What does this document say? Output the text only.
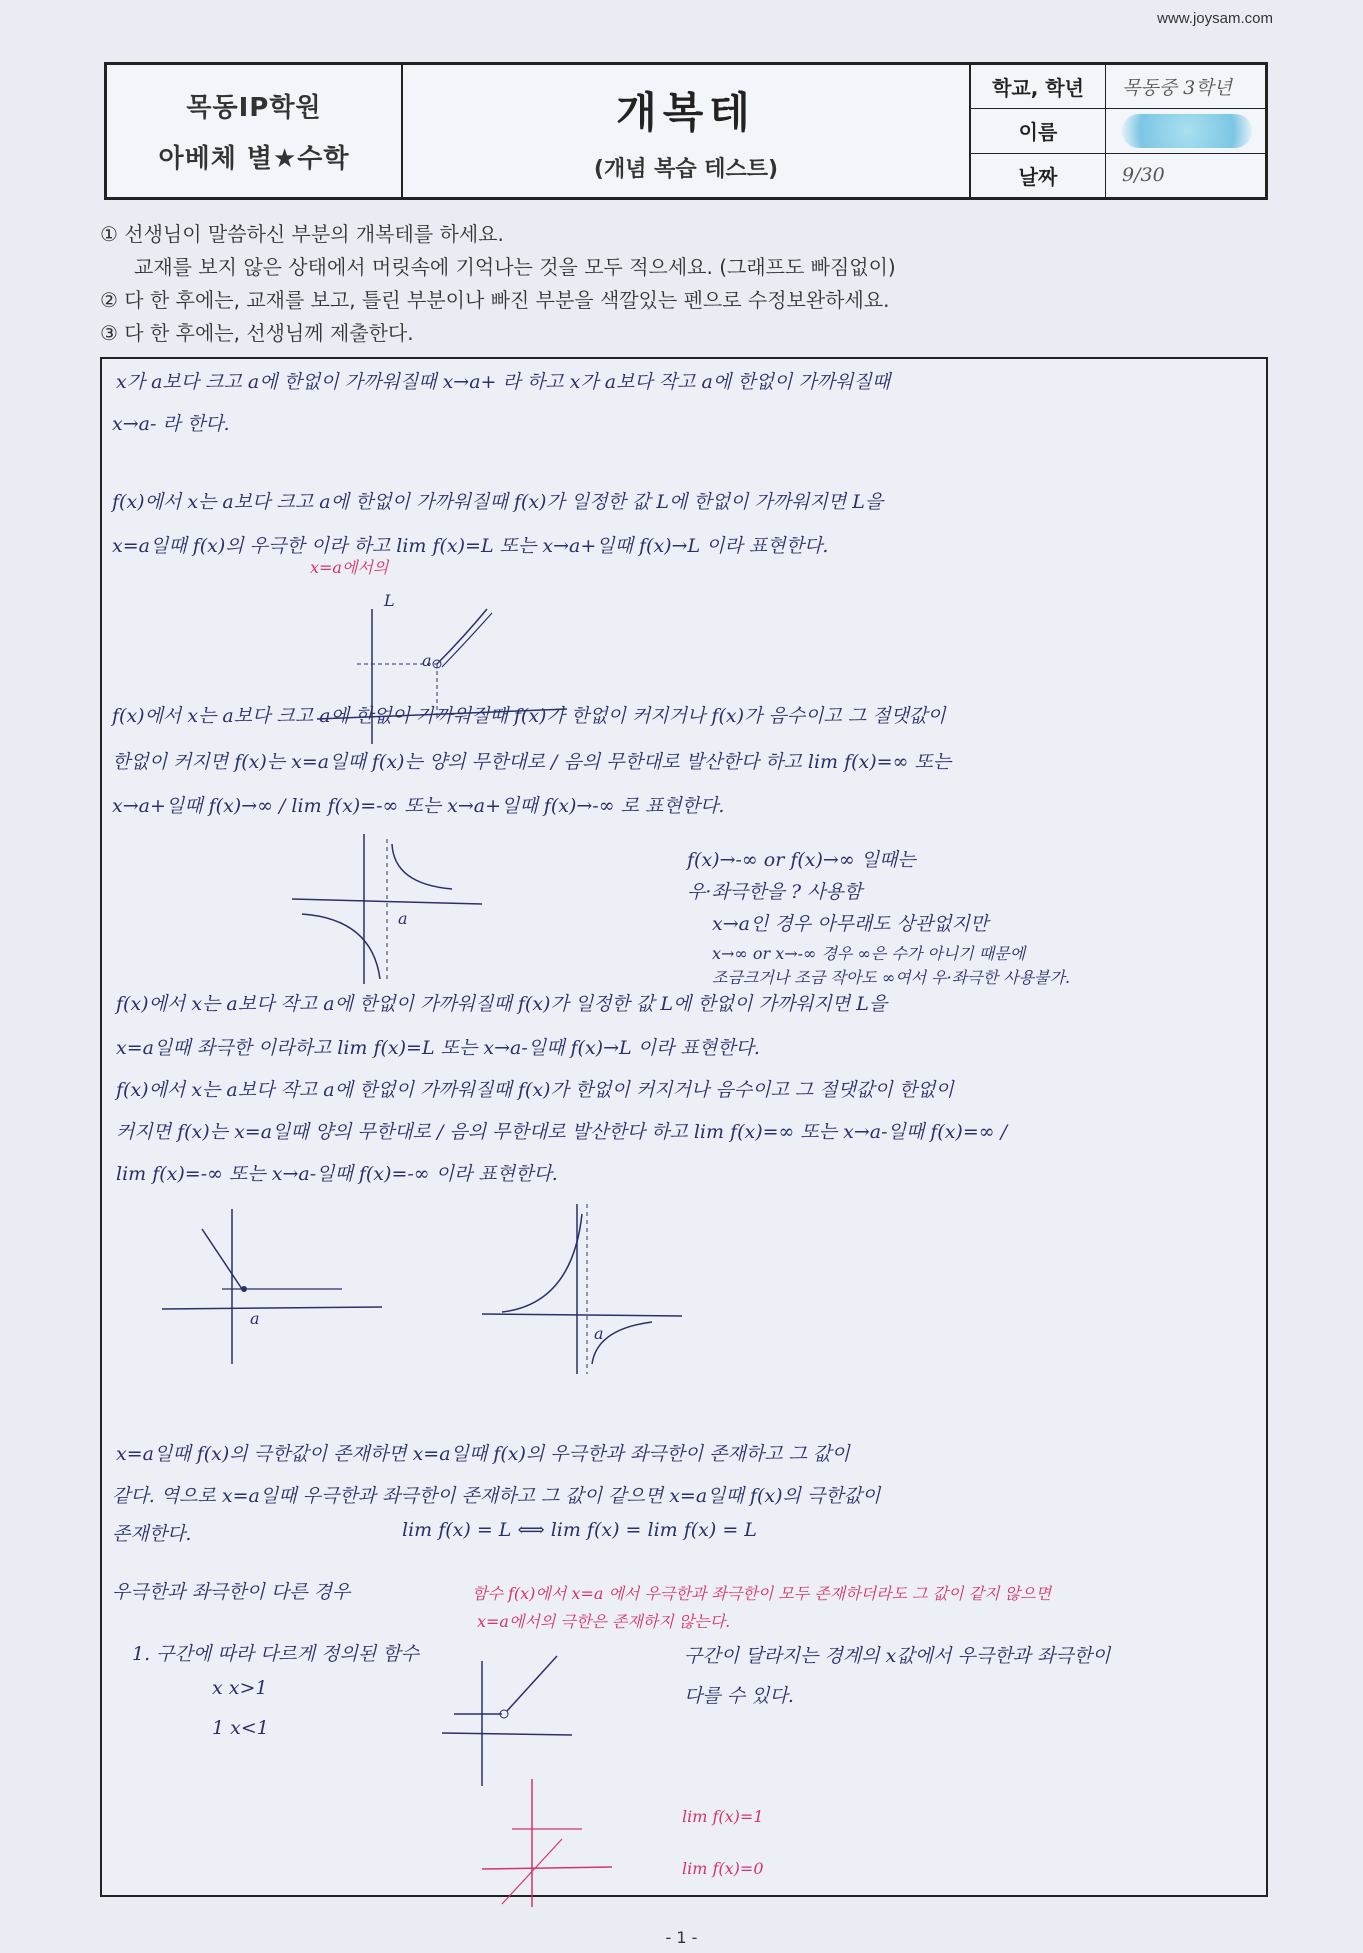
www.joysam.com
목동IP학원
아베체 별★수학
개복테
(개념 복습 테스트)
학교, 학년	목동중 3학년
이름
날짜	9/30
① 선생님이 말씀하신 부분의 개복테를 하세요.
교재를 보지 않은 상태에서 머릿속에 기억나는 것을 모두 적으세요. (그래프도 빠짐없이)
② 다 한 후에는, 교재를 보고, 틀린 부분이나 빠진 부분을 색깔있는 펜으로 수정보완하세요.
③ 다 한 후에는, 선생님께 제출한다.
x가 a보다 크고 a에 한없이 가까워질때 x→a+ 라 하고 x가 a보다 작고 a에 한없이 가까워질때
x→a- 라 한다.
f(x)에서 x는 a보다 크고 a에 한없이 가까워질때 f(x)가 일정한 값 L에 한없이 가까워지면 L을
x=a일때 f(x)의 우극한 이라 하고 lim f(x)=L 또는 x→a+일때 f(x)→L 이라 표현한다.
x=a에서의
L
a
f(x)에서 x는 a보다 크고 a에 한없이 가까워질때 f(x)가 한없이 커지거나 f(x)가 음수이고 그 절댓값이
한없이 커지면 f(x)는 x=a일때 f(x)는 양의 무한대로 / 음의 무한대로 발산한다 하고 lim f(x)=∞ 또는
x→a+일때 f(x)→∞ / lim f(x)=-∞ 또는 x→a+일때 f(x)→-∞ 로 표현한다.
a
f(x)→-∞ or f(x)→∞ 일때는
우·좌극한을 ? 사용함
x→a인 경우 아무래도 상관없지만
x→∞ or x→-∞ 경우 ∞은 수가 아니기 때문에
조금크거나 조금 작아도 ∞여서 우·좌극한 사용불가.
f(x)에서 x는 a보다 작고 a에 한없이 가까워질때 f(x)가 일정한 값 L에 한없이 가까워지면 L을
x=a일때 좌극한 이라하고 lim f(x)=L 또는 x→a-일때 f(x)→L 이라 표현한다.
f(x)에서 x는 a보다 작고 a에 한없이 가까워질때 f(x)가 한없이 커지거나 음수이고 그 절댓값이 한없이
커지면 f(x)는 x=a일때 양의 무한대로 / 음의 무한대로 발산한다 하고 lim f(x)=∞ 또는 x→a-일때 f(x)=∞ /
lim f(x)=-∞ 또는 x→a-일때 f(x)=-∞ 이라 표현한다.
a
a
x=a일때 f(x)의 극한값이 존재하면 x=a일때 f(x)의 우극한과 좌극한이 존재하고 그 값이
같다. 역으로 x=a일때 우극한과 좌극한이 존재하고 그 값이 같으면 x=a일때 f(x)의 극한값이
존재한다.	lim f(x) = L ⟺ lim f(x) = lim f(x) = L
우극한과 좌극한이 다른 경우	함수 f(x)에서 x=a 에서 우극한과 좌극한이 모두 존재하더라도 그 값이 같지 않으면
x=a에서의 극한은 존재하지 않는다.
1. 구간에 따라 다르게 정의된 함수
x x>1
1 x<1
구간이 달라지는 경계의 x값에서 우극한과 좌극한이
다를 수 있다.
lim f(x)=1
lim f(x)=0
- 1 -
